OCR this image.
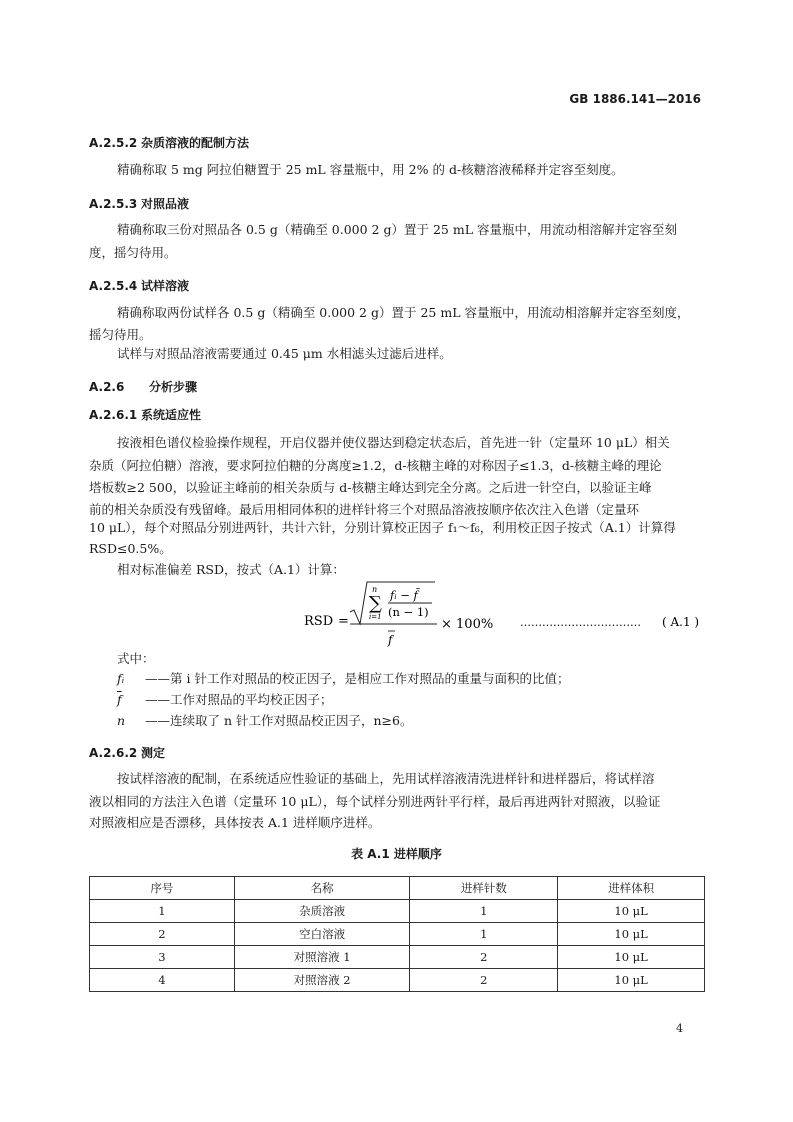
GB 1886.141—2016
A.2.5.2 杂质溶液的配制方法
精确称取 5 mg 阿拉伯糖置于 25 mL 容量瓶中，用 2% 的 d-核糖溶液稀释并定容至刻度。
A.2.5.3 对照品液
精确称取三份对照品各 0.5 g（精确至 0.000 2 g）置于 25 mL 容量瓶中，用流动相溶解并定容至刻
度，摇匀待用。
A.2.5.4 试样溶液
精确称取两份试样各 0.5 g（精确至 0.000 2 g）置于 25 mL 容量瓶中，用流动相溶解并定容至刻度，
摇匀待用。
试样与对照品溶液需要通过 0.45 μm 水相滤头过滤后进样。
A.2.6 分析步骤
A.2.6.1 系统适应性
按液相色谱仪检验操作规程，开启仪器并使仪器达到稳定状态后，首先进一针（定量环 10 μL）相关
杂质（阿拉伯糖）溶液，要求阿拉伯糖的分离度≥1.2，d-核糖主峰的对称因子≤1.3，d-核糖主峰的理论
塔板数≥2 500，以验证主峰前的相关杂质与 d-核糖主峰达到完全分离。之后进一针空白，以验证主峰
前的相关杂质没有残留峰。最后用相同体积的进样针将三个对照品溶液按顺序依次注入色谱（定量环
10 μL），每个对照品分别进两针，共计六针，分别计算校正因子 f₁～f₆，利用校正因子按式（A.1）计算得
RSD≤0.5%。
相对标准偏差 RSD，按式（A.1）计算：
RSD =
n
∑
i=1
fᵢ − f̄
(n − 1)
f
× 100% …………………………… ( A.1 )
式中：
fᵢ ——第 i 针工作对照品的校正因子，是相应工作对照品的重量与面积的比值；
$\overline{f}$ ——工作对照品的平均校正因子；
n ——连续取了 n 针工作对照品校正因子，n≥6。
A.2.6.2 测定
按试样溶液的配制，在系统适应性验证的基础上，先用试样溶液清洗进样针和进样器后，将试样溶
液以相同的方法注入色谱（定量环 10 μL），每个试样分别进两针平行样，最后再进两针对照液，以验证
对照液相应是否漂移，具体按表 A.1 进样顺序进样。
表 A.1 进样顺序
序号	名称	进样针数	进样体积
1	杂质溶液	1	10 μL
2	空白溶液	1	10 μL
3	对照溶液 1	2	10 μL
4	对照溶液 2	2	10 μL
4
